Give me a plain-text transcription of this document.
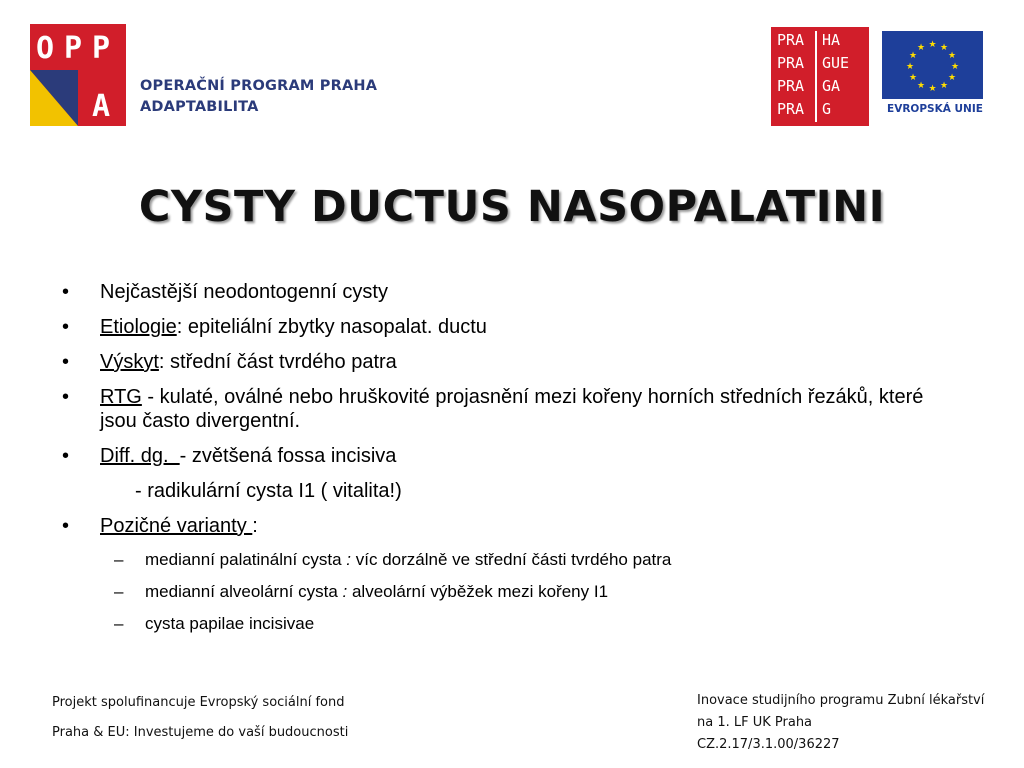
O P P
A
OPERAČNÍ PROGRAM PRAHA
ADAPTABILITA
PRA HA
PRA GUE
PRA GA
PRA G
★ ★
★
★
★
★
★
★
★
★
★
★
EVROPSKÁ UNIE
CYSTY DUCTUS NASOPALATINI
• Nejčastější neodontogenní cysty
• Etiologie: epiteliální zbytky nasopalat. ductu
• Výskyt: střední část tvrdého patra
• RTG - kulaté, oválné nebo hruškovité projasnění mezi kořeny horních středních řezáků, které jsou často divergentní.
• Diff. dg.  - zvětšená fossa incisiva
- radikulární cysta I1 ( vitalita!)
• Pozičné varianty :
– medianní palatinální cysta : víc dorzálně ve střední části tvrdého patra
– medianní alveolární cysta : alveolární výběžek mezi kořeny I1
– cysta papilae incisivae
Projekt spolufinancuje Evropský sociální fond
Praha & EU: Investujeme do vaší budoucnosti
Inovace studijního programu Zubní lékařství
na 1. LF UK Praha
CZ.2.17/3.1.00/36227
